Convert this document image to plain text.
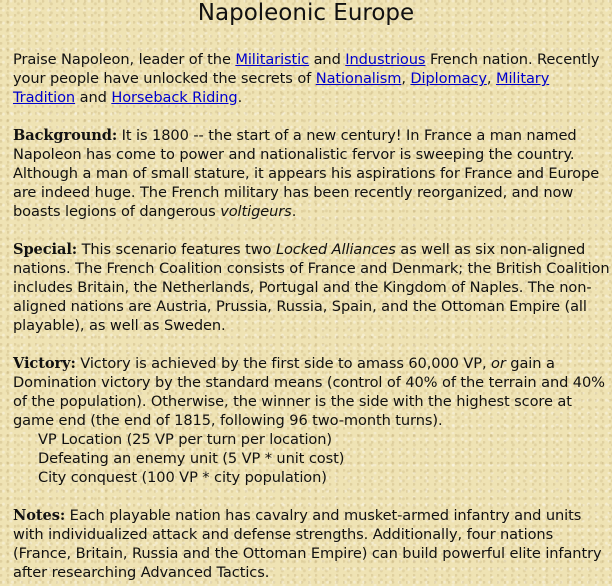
Napoleonic Europe

Praise Napoleon, leader of the Militaristic and Industrious French nation. Recently your people have unlocked the secrets of Nationalism, Diplomacy, Military Tradition and Horseback Riding.

Background: It is 1800 -- the start of a new century! In France a man named Napoleon has come to power and nationalistic fervor is sweeping the country. Although a man of small stature, it appears his aspirations for France and Europe are indeed huge. The French military has been recently reorganized, and now boasts legions of dangerous voltigeurs.

Special: This scenario features two Locked Alliances as well as six non-aligned nations. The French Coalition consists of France and Denmark; the British Coalition includes Britain, the Netherlands, Portugal and the Kingdom of Naples. The non-aligned nations are Austria, Prussia, Russia, Spain, and the Ottoman Empire (all playable), as well as Sweden.

Victory: Victory is achieved by the first side to amass 60,000 VP, or gain a Domination victory by the standard means (control of 40% of the terrain and 40% of the population). Otherwise, the winner is the side with the highest score at game end (the end of 1815, following 96 two-month turns).
VP Location (25 VP per turn per location)
Defeating an enemy unit (5 VP * unit cost)
City conquest (100 VP * city population)

Notes: Each playable nation has cavalry and musket-armed infantry and units with individualized attack and defense strengths. Additionally, four nations (France, Britain, Russia and the Ottoman Empire) can build powerful elite infantry after researching Advanced Tactics.
